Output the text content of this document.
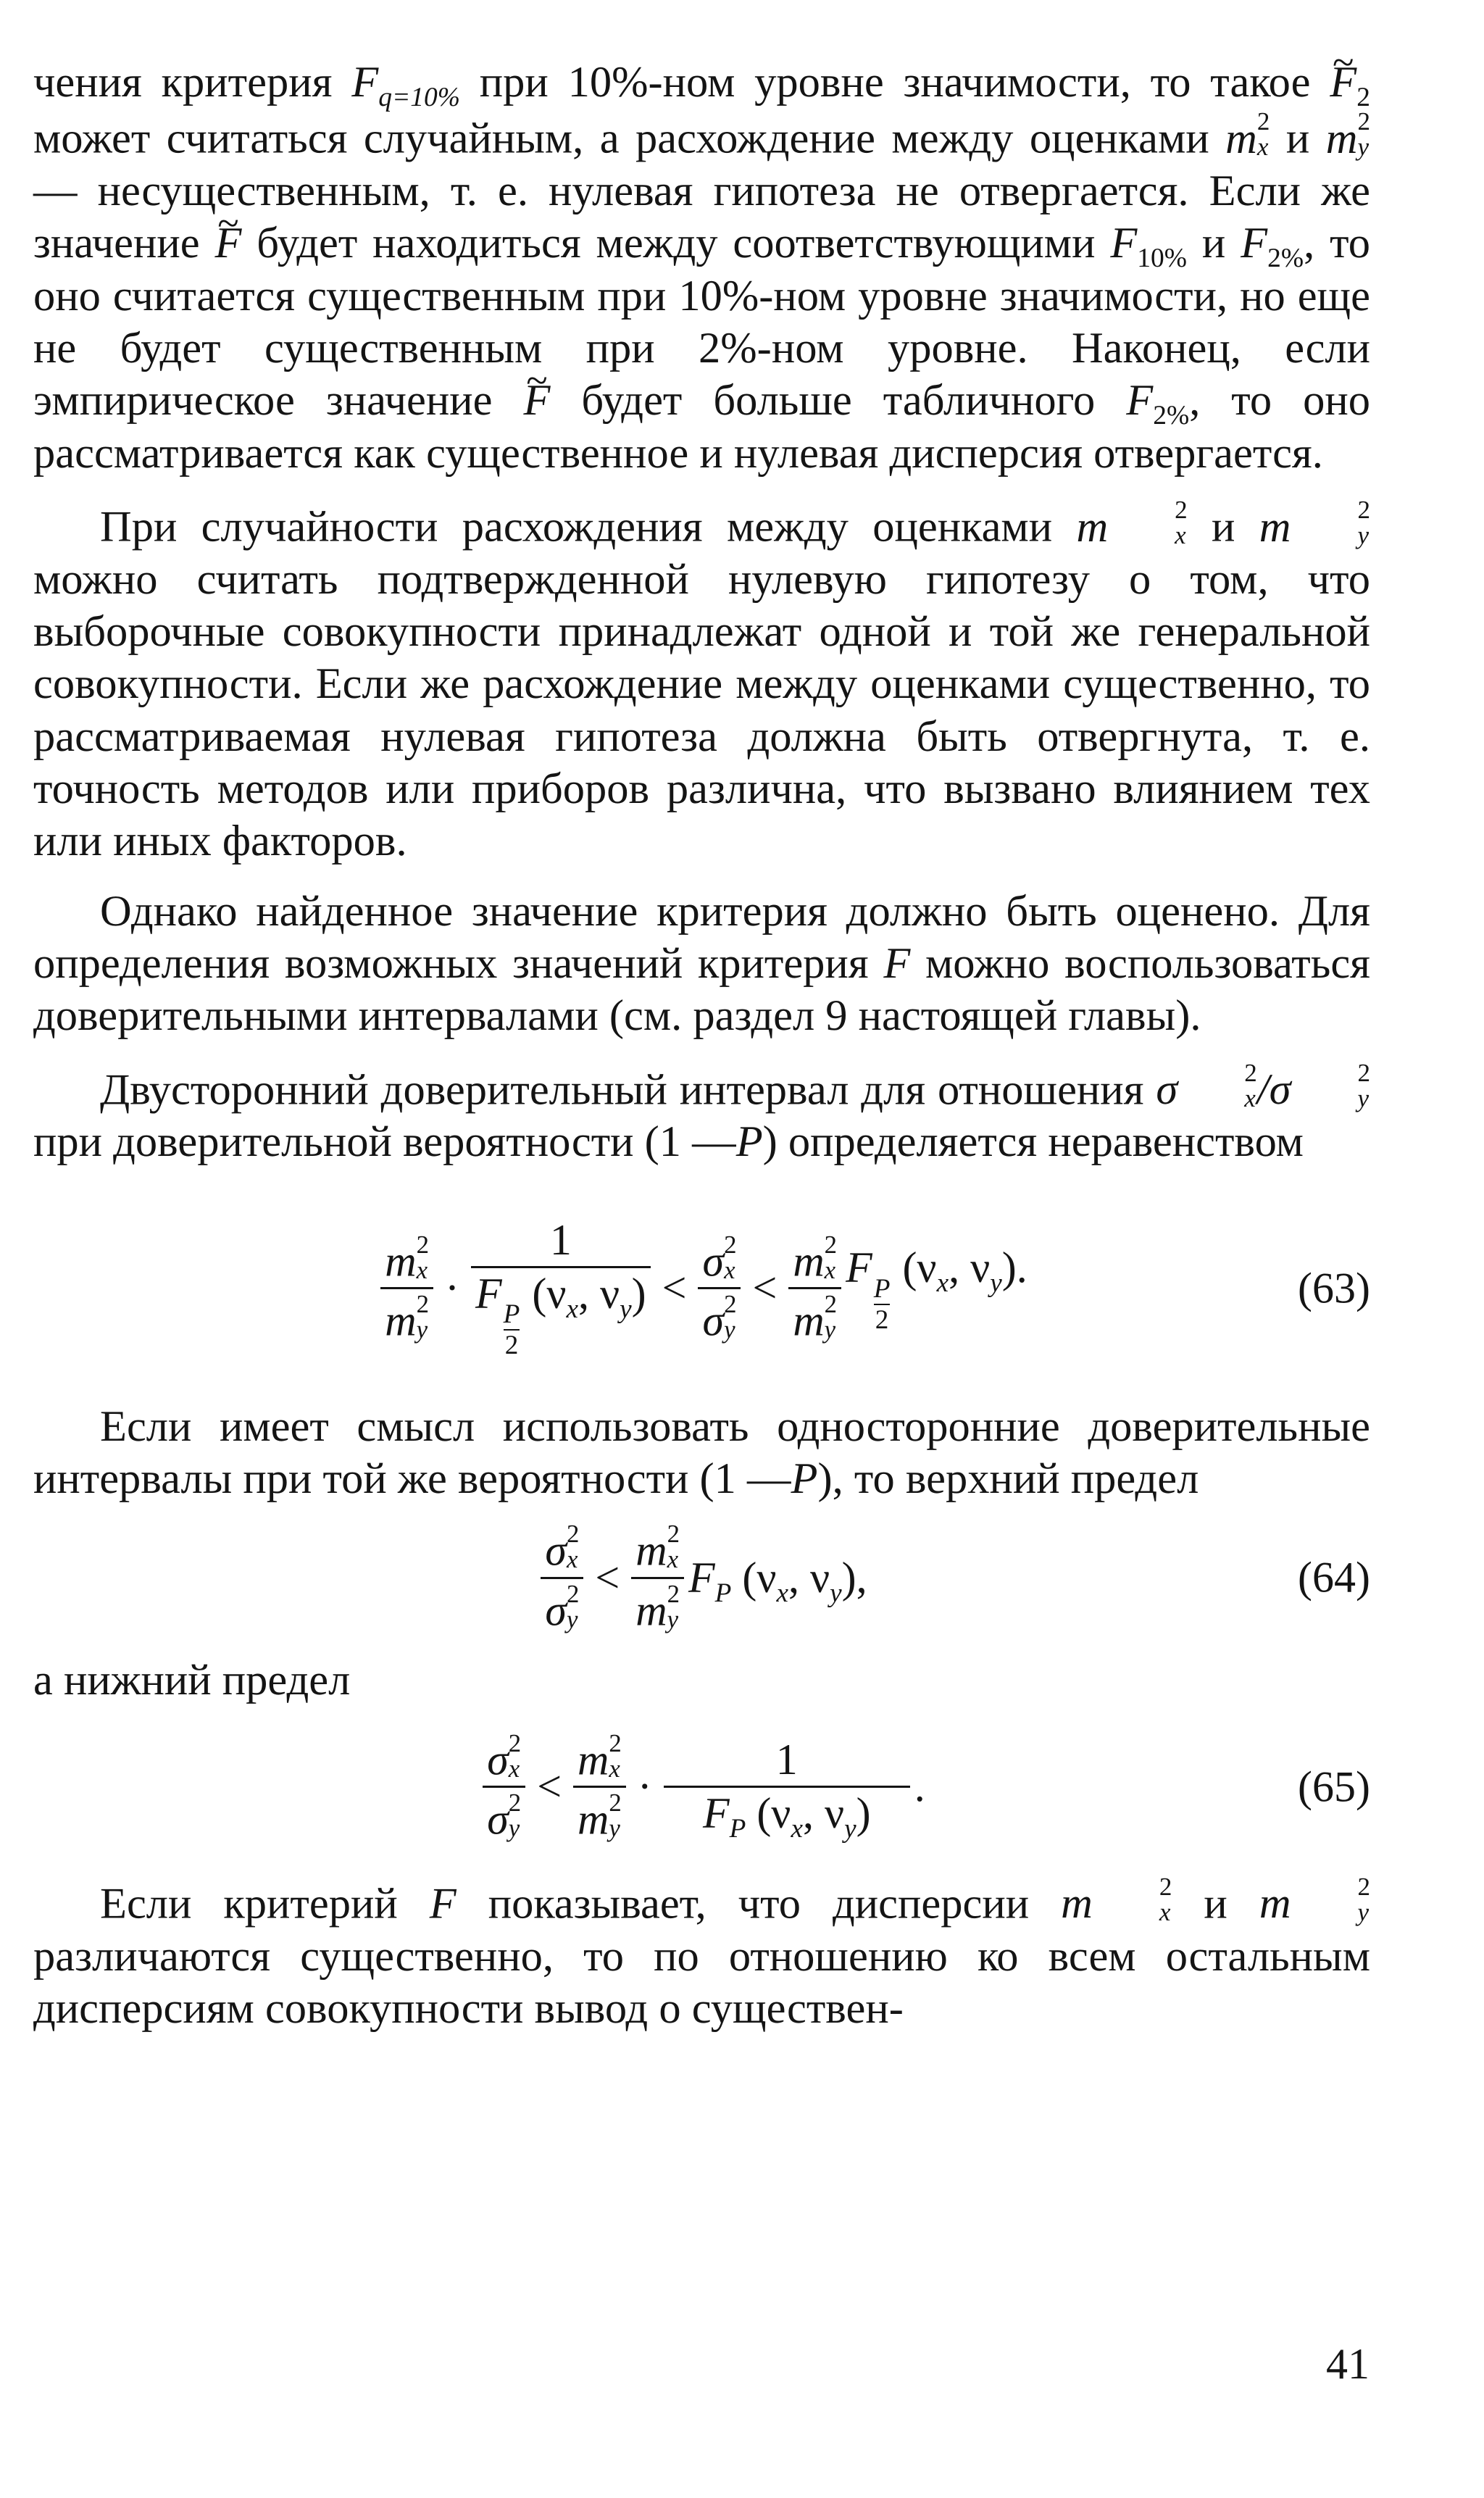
чения критерия $F_{q=10\%}$ при 10%-ном уровне значимости, то такое ~ $F_2$ может считаться случайным, а расхождение между оценками m 2
x и m 2
y
— несущественным, т. е. нулевая гипотеза не отвергается. Если же значение ~ F будет находиться между соответствующими $F_{10\%}$ и $F_{2\%}$, то оно считается существенным при 10%-ном уровне значимости, но еще не будет существенным при 2%-ном уровне. Наконец, если эмпирическое значение ~ F будет больше табличного $F_{2\%}$, то оно рассматривается как существенное и нулевая дисперсия отвергается.

При случайности расхождения между оценками m	2
x и m	2
y
можно считать подтвержденной нулевую гипотезу о том, что выборочные совокупности принадлежат одной и той же генеральной совокупности. Если же расхождение между оценками существенно, то рассматриваемая нулевая гипотеза должна быть отвергнута, т. е. точность методов или приборов различна, что вызвано влиянием тех или иных факторов.

Однако найденное значение критерия должно быть оценено. Для определения возможных значений критерия F можно воспользоваться доверительными интервалами (см. раздел 9 настоящей главы).

Двусторонний доверительный интервал для отношения σ	2
x /σ	2
y
при доверительной вероятности (1 —P) определяется неравенством

m 2
x
m 2
y · 1
F
$\frac{P}{2}$
($\nu_x$, $\nu_y) < \sigma$ 2
x
σ 2
y < m 2
x
m 2
y F
$\frac{P}{2}$
($\nu_x$, $\nu_y$).	(63)

Если имеет смысл использовать односторонние доверительные интервалы при той же вероятности (1 —P), то верхний предел

σ 2
x
σ 2
y < m 2
x
m 2
y $F_P$ ($\nu_x$, $\nu_y$),	(64)

а нижний предел

σ 2
x
σ 2
y < m 2
x
m 2
$y \cdot \frac{1}{F_P (\nu_x, \nu_y)}$ .	(65)

Если критерий F показывает, что дисперсии m	2
x и m	2
y
различаются существенно, то по отношению ко всем остальным дисперсиям совокупности вывод о существен-

41
